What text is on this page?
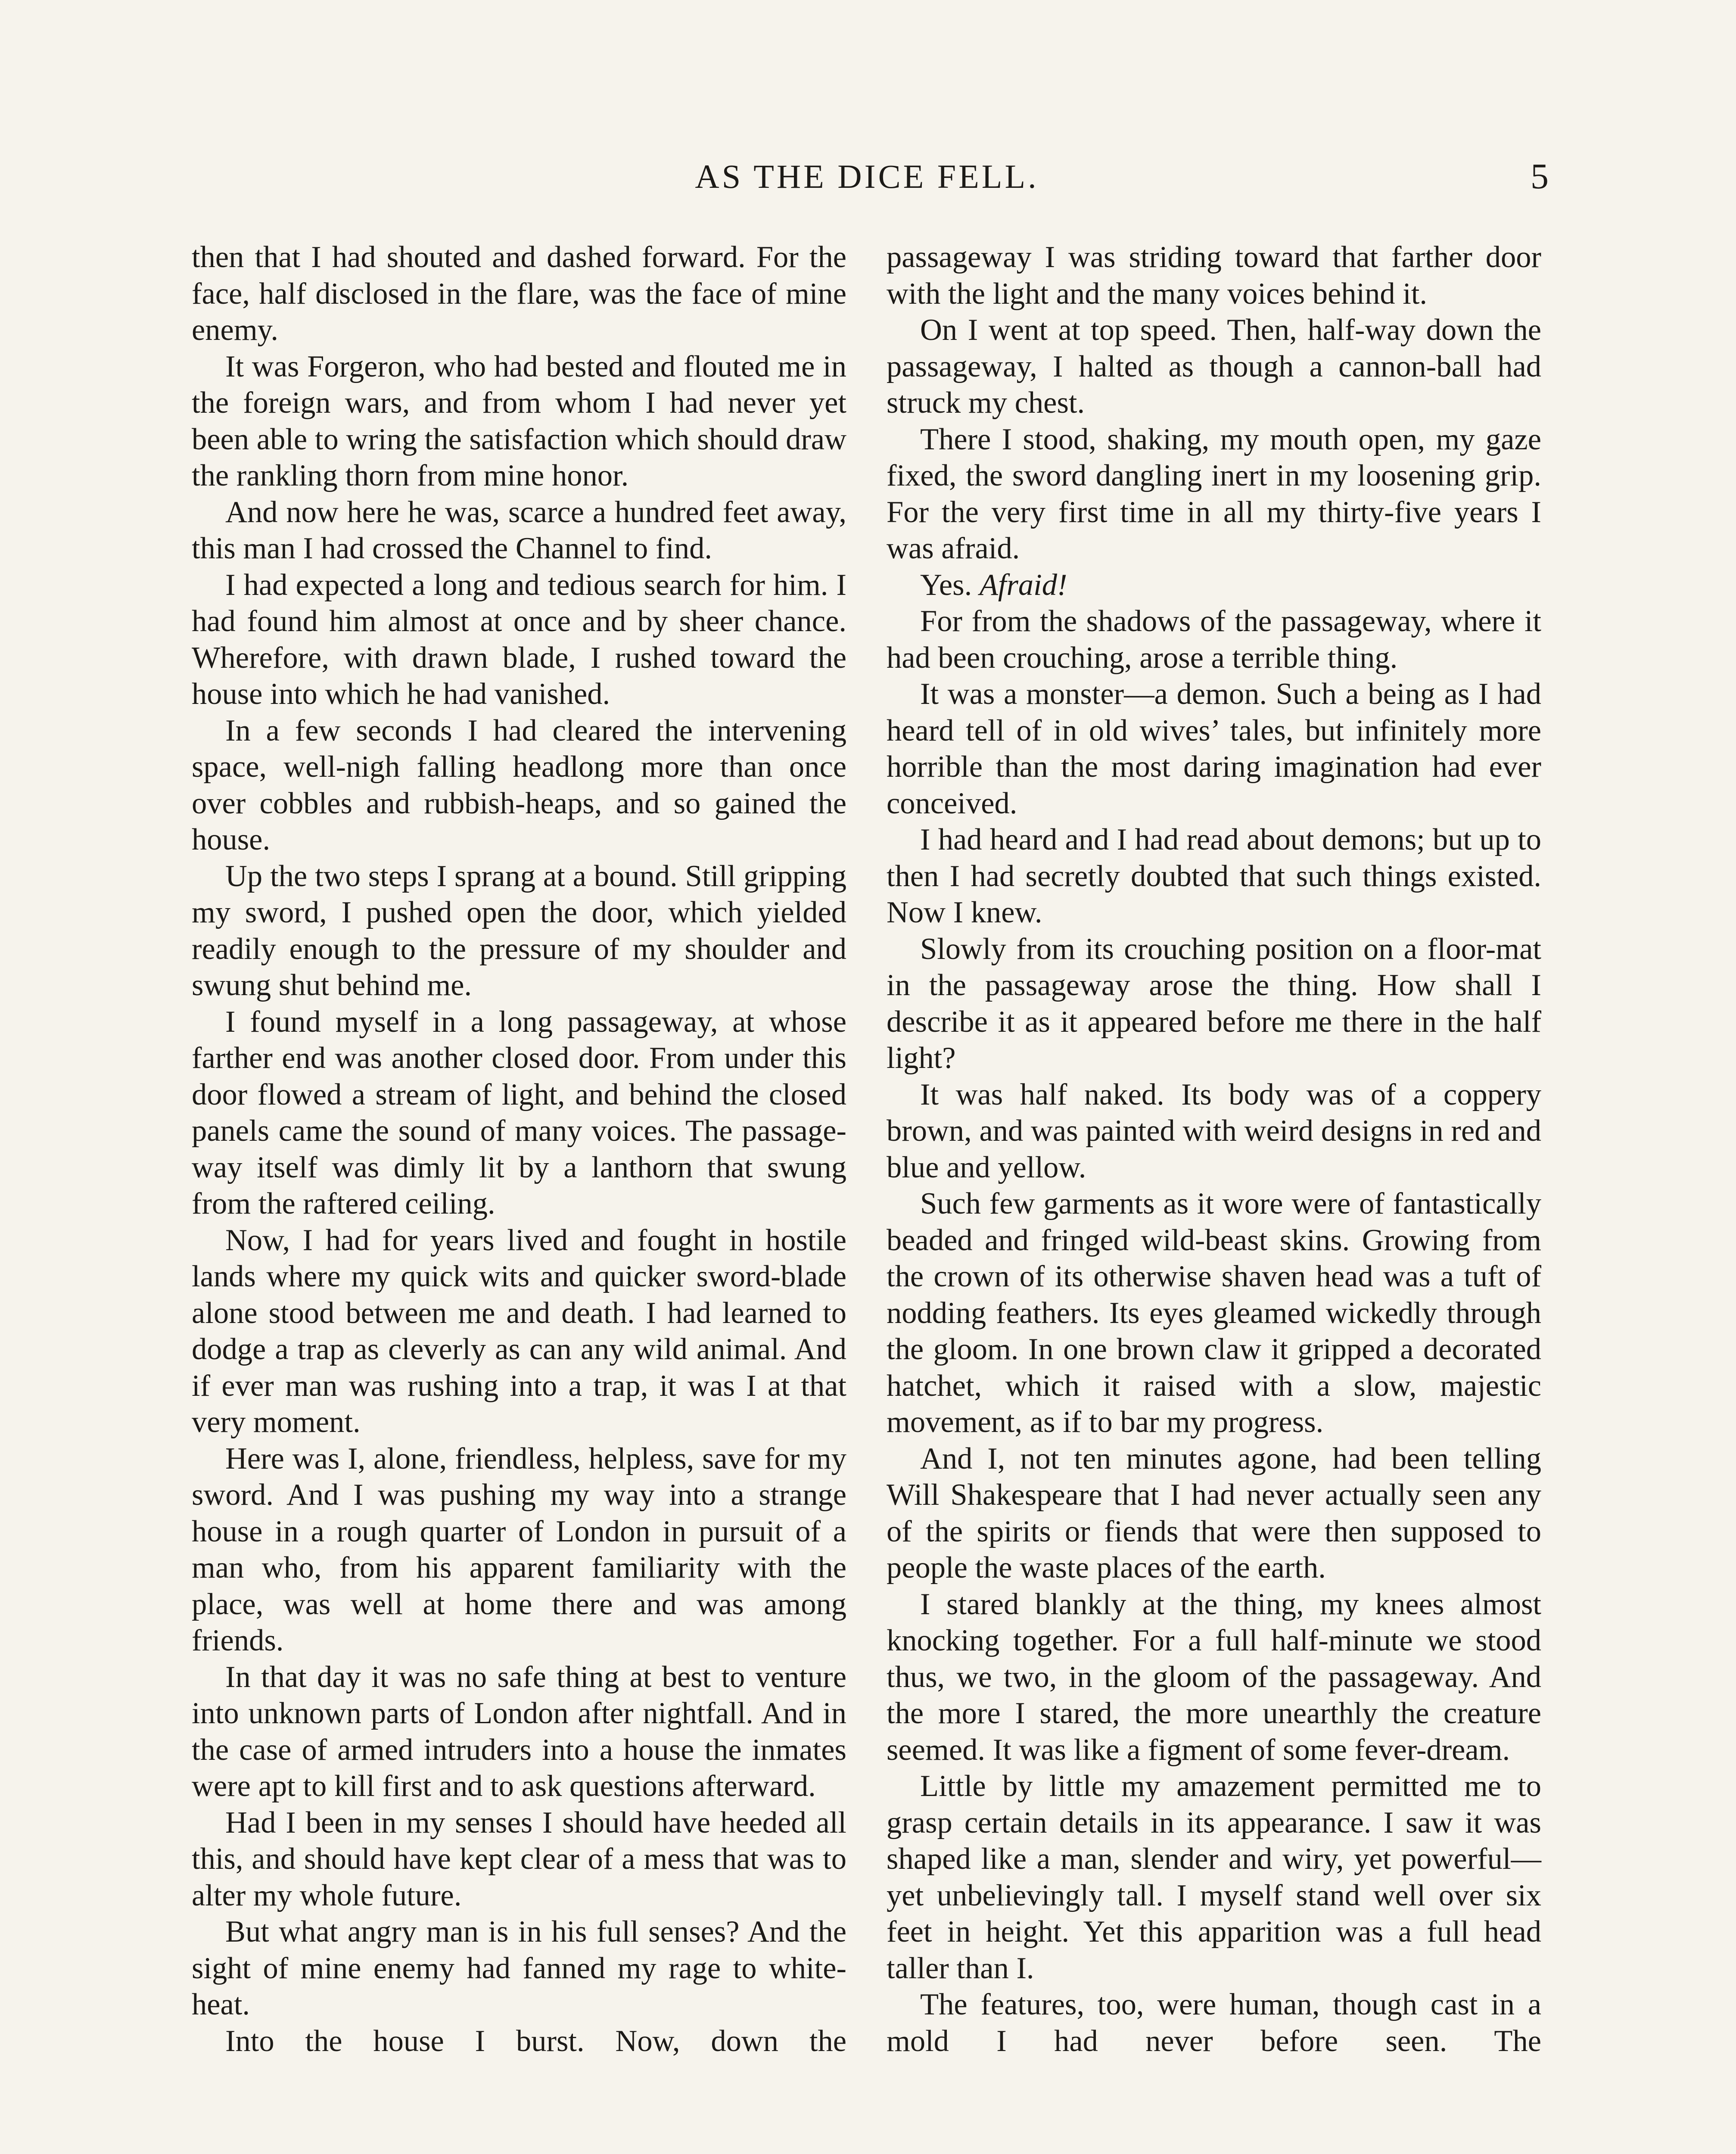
AS THE DICE FELL.	5

then that I had shouted and dashed forward. For the face, half disclosed in the flare, was the face of mine enemy.

It was Forgeron, who had bested and flouted me in the foreign wars, and from whom I had never yet been able to wring the satisfaction which should draw the rankling thorn from mine honor.

And now here he was, scarce a hundred feet away, this man I had crossed the Channel to find.

I had expected a long and tedious search for him. I had found him almost at once and by sheer chance. Wherefore, with drawn blade, I rushed toward the house into which he had vanished.

In a few seconds I had cleared the intervening space, well-nigh falling headlong more than once over cobbles and rubbish-heaps, and so gained the house.

Up the two steps I sprang at a bound. Still gripping my sword, I pushed open the door, which yielded readily enough to the pressure of my shoulder and swung shut behind me.

I found myself in a long passageway, at whose farther end was another closed door. From under this door flowed a stream of light, and behind the closed panels came the sound of many voices. The passageway itself was dimly lit by a lanthorn that swung from the raftered ceiling.

Now, I had for years lived and fought in hostile lands where my quick wits and quicker sword-blade alone stood between me and death. I had learned to dodge a trap as cleverly as can any wild animal. And if ever man was rushing into a trap, it was I at that very moment.

Here was I, alone, friendless, helpless, save for my sword. And I was pushing my way into a strange house in a rough quarter of London in pursuit of a man who, from his apparent familiarity with the place, was well at home there and was among friends.

In that day it was no safe thing at best to venture into unknown parts of London after nightfall. And in the case of armed intruders into a house the inmates were apt to kill first and to ask questions afterward.

Had I been in my senses I should have heeded all this, and should have kept clear of a mess that was to alter my whole future.

But what angry man is in his full senses? And the sight of mine enemy had fanned my rage to white-heat.

Into the house I burst. Now, down the

passageway I was striding toward that farther door with the light and the many voices behind it.

On I went at top speed. Then, half-way down the passageway, I halted as though a cannon-ball had struck my chest.

There I stood, shaking, my mouth open, my gaze fixed, the sword dangling inert in my loosening grip. For the very first time in all my thirty-five years I was afraid.

Yes. Afraid!

For from the shadows of the passageway, where it had been crouching, arose a terrible thing.

It was a monster—a demon. Such a being as I had heard tell of in old wives’ tales, but infinitely more horrible than the most daring imagination had ever conceived.

I had heard and I had read about demons; but up to then I had secretly doubted that such things existed. Now I knew.

Slowly from its crouching position on a floor-mat in the passageway arose the thing. How shall I describe it as it appeared before me there in the half light?

It was half naked. Its body was of a coppery brown, and was painted with weird designs in red and blue and yellow.

Such few garments as it wore were of fantastically beaded and fringed wild-beast skins. Growing from the crown of its otherwise shaven head was a tuft of nodding feathers. Its eyes gleamed wickedly through the gloom. In one brown claw it gripped a decorated hatchet, which it raised with a slow, majestic movement, as if to bar my progress.

And I, not ten minutes agone, had been telling Will Shakespeare that I had never actually seen any of the spirits or fiends that were then supposed to people the waste places of the earth.

I stared blankly at the thing, my knees almost knocking together. For a full half-minute we stood thus, we two, in the gloom of the passageway. And the more I stared, the more unearthly the creature seemed. It was like a figment of some fever-dream.

Little by little my amazement permitted me to grasp certain details in its appearance. I saw it was shaped like a man, slender and wiry, yet powerful—yet unbelievingly tall. I myself stand well over six feet in height. Yet this apparition was a full head taller than I.

The features, too, were human, though cast in a mold I had never before seen. The
